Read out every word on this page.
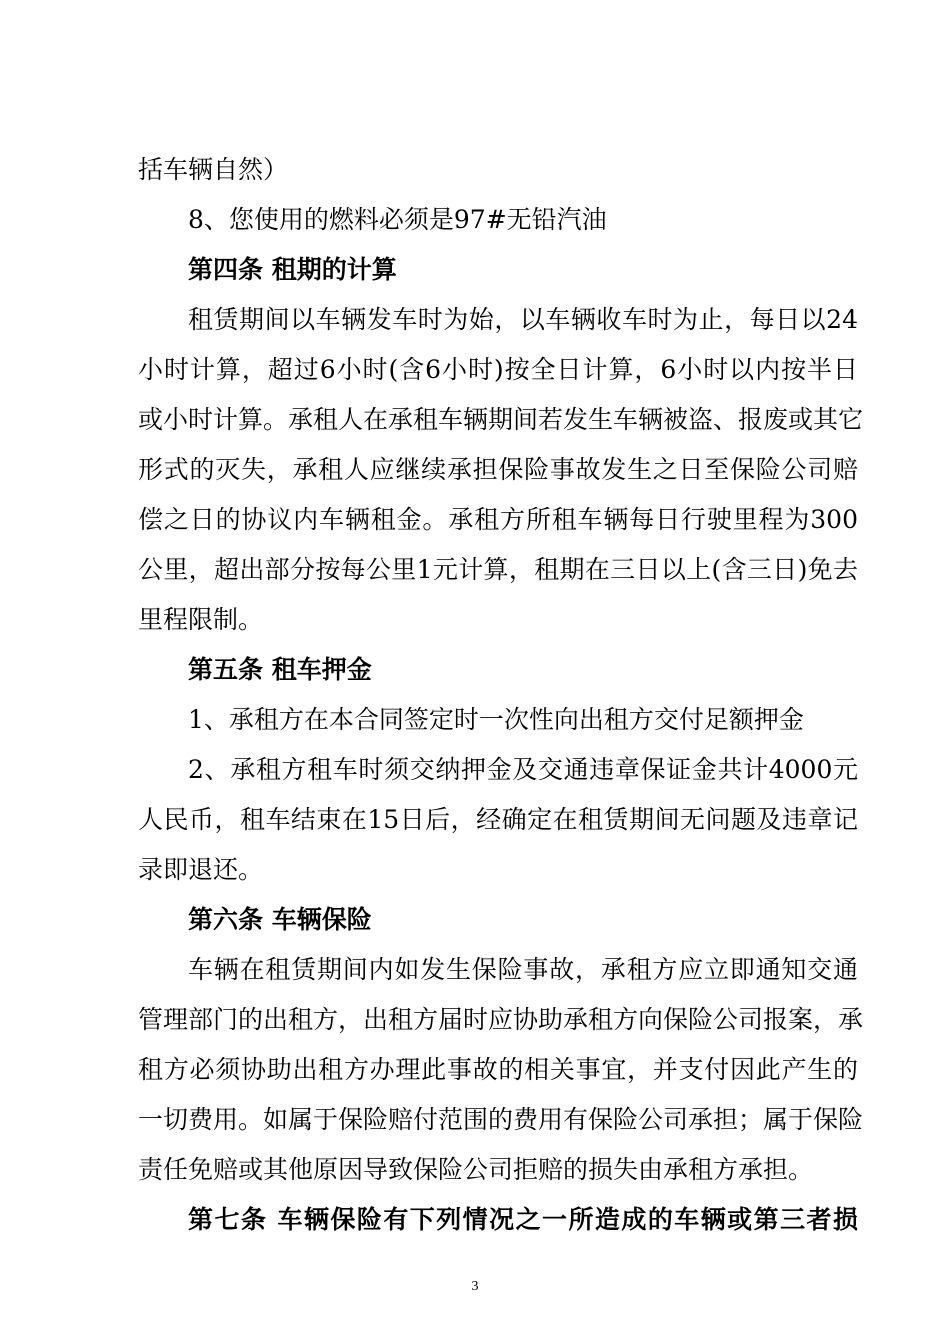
括车辆自然）
8、您使用的燃料必须是97#无铅汽油
第四条 租期的计算
租赁期间以车辆发车时为始，以车辆收车时为止，每日以24
小时计算，超过6小时(含6小时)按全日计算，6小时以内按半日
或小时计算。承租人在承租车辆期间若发生车辆被盗、报废或其它
形式的灭失，承租人应继续承担保险事故发生之日至保险公司赔
偿之日的协议内车辆租金。承租方所租车辆每日行驶里程为300
公里，超出部分按每公里1元计算，租期在三日以上(含三日)免去
里程限制。
第五条 租车押金
1、承租方在本合同签定时一次性向出租方交付足额押金
2、承租方租车时须交纳押金及交通违章保证金共计4000元
人民币，租车结束在15日后，经确定在租赁期间无问题及违章记
录即退还。
第六条 车辆保险
车辆在租赁期间内如发生保险事故，承租方应立即通知交通
管理部门的出租方，出租方届时应协助承租方向保险公司报案，承
租方必须协助出租方办理此事故的相关事宜，并支付因此产生的
一切费用。如属于保险赔付范围的费用有保险公司承担；属于保险
责任免赔或其他原因导致保险公司拒赔的损失由承租方承担。
第七条 车辆保险有下列情况之一所造成的车辆或第三者损
3
